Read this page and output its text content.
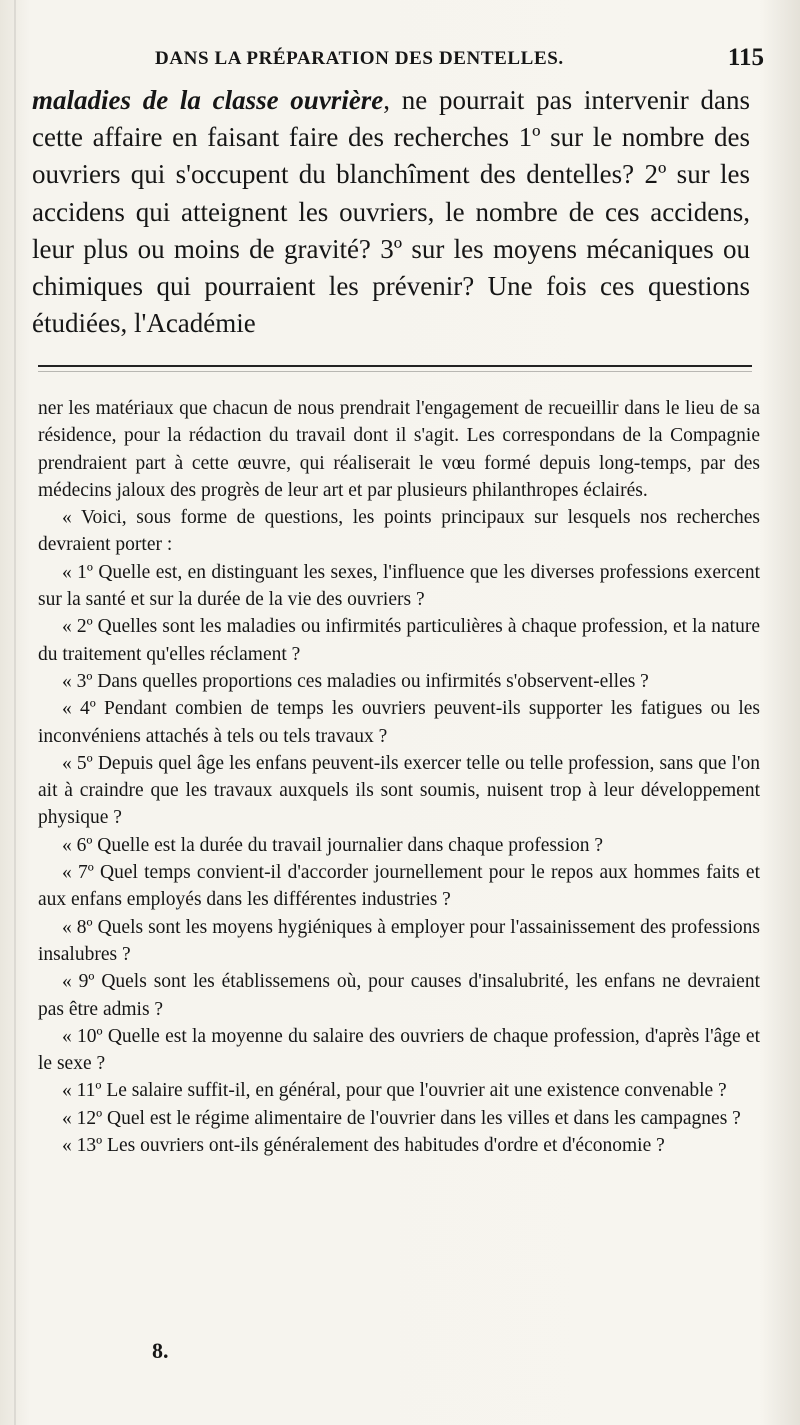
DANS LA PRÉPARATION DES DENTELLES.	115
maladies de la classe ouvrière, ne pourrait pas intervenir dans cette affaire en faisant faire des recherches 1º sur le nombre des ouvriers qui s'occupent du blanchîment des dentelles? 2º sur les accidens qui atteignent les ouvriers, le nombre de ces accidens, leur plus ou moins de gravité? 3º sur les moyens mécaniques ou chimiques qui pourraient les prévenir? Une fois ces questions étudiées, l'Académie

ner les matériaux que chacun de nous prendrait l'engagement de recueillir dans le lieu de sa résidence, pour la rédaction du travail dont il s'agit. Les correspondans de la Compagnie prendraient part à cette œuvre, qui réaliserait le vœu formé depuis long-temps, par des médecins jaloux des progrès de leur art et par plusieurs philanthropes éclairés.

« Voici, sous forme de questions, les points principaux sur lesquels nos recherches devraient porter :

« 1º Quelle est, en distinguant les sexes, l'influence que les diverses professions exercent sur la santé et sur la durée de la vie des ouvriers ?

« 2º Quelles sont les maladies ou infirmités particulières à chaque profession, et la nature du traitement qu'elles réclament ?

« 3º Dans quelles proportions ces maladies ou infirmités s'observent-elles ?

« 4º Pendant combien de temps les ouvriers peuvent-ils supporter les fatigues ou les inconvéniens attachés à tels ou tels travaux ?

« 5º Depuis quel âge les enfans peuvent-ils exercer telle ou telle profession, sans que l'on ait à craindre que les travaux auxquels ils sont soumis, nuisent trop à leur développement physique ?

« 6º Quelle est la durée du travail journalier dans chaque profession ?

« 7º Quel temps convient-il d'accorder journellement pour le repos aux hommes faits et aux enfans employés dans les différentes industries ?

« 8º Quels sont les moyens hygiéniques à employer pour l'assainissement des professions insalubres ?

« 9º Quels sont les établissemens où, pour causes d'insalubrité, les enfans ne devraient pas être admis ?

« 10º Quelle est la moyenne du salaire des ouvriers de chaque profession, d'après l'âge et le sexe ?

« 11º Le salaire suffit-il, en général, pour que l'ouvrier ait une existence convenable ?

« 12º Quel est le régime alimentaire de l'ouvrier dans les villes et dans les campagnes ?

« 13º Les ouvriers ont-ils généralement des habitudes d'ordre et d'économie ?

8.
